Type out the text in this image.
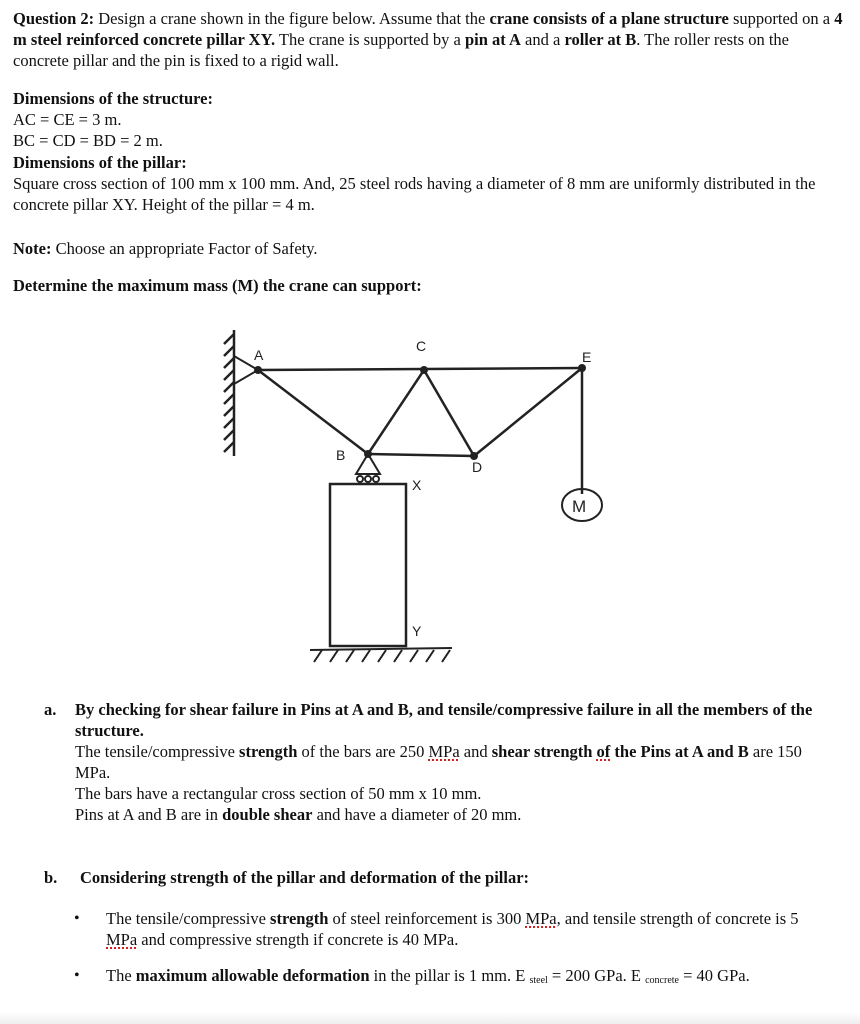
Question 2: Design a crane shown in the figure below. Assume that the crane consists of a plane structure supported on a 4 m steel reinforced concrete pillar XY. The crane is supported by a pin at A and a roller at B. The roller rests on the concrete pillar and the pin is fixed to a rigid wall.
Dimensions of the structure:
AC = CE = 3 m.
BC = CD = BD = 2 m.
Dimensions of the pillar:
Square cross section of 100 mm x 100 mm. And, 25 steel rods having a diameter of 8 mm are uniformly distributed in the concrete pillar XY. Height of the pillar = 4 m.
Note: Choose an appropriate Factor of Safety.
Determine the maximum mass (M) the crane can support:
A
C
E
B
D
X
Y
M
a. By checking for shear failure in Pins at A and B, and tensile/compressive failure in all the members of the structure.
The tensile/compressive strength of the bars are 250 MPa and shear strength of the Pins at A and B are 150 MPa.
The bars have a rectangular cross section of 50 mm x 10 mm.
Pins at A and B are in double shear and have a diameter of 20 mm.
b. Considering strength of the pillar and deformation of the pillar:
• The tensile/compressive strength of steel reinforcement is 300 MPa, and tensile strength of concrete is 5 MPa and compressive strength if concrete is 40 MPa.
• The maximum allowable deformation in the pillar is 1 mm. E $_{steel}$ = 200 GPa. E $_{concrete}$ = 40 GPa.
